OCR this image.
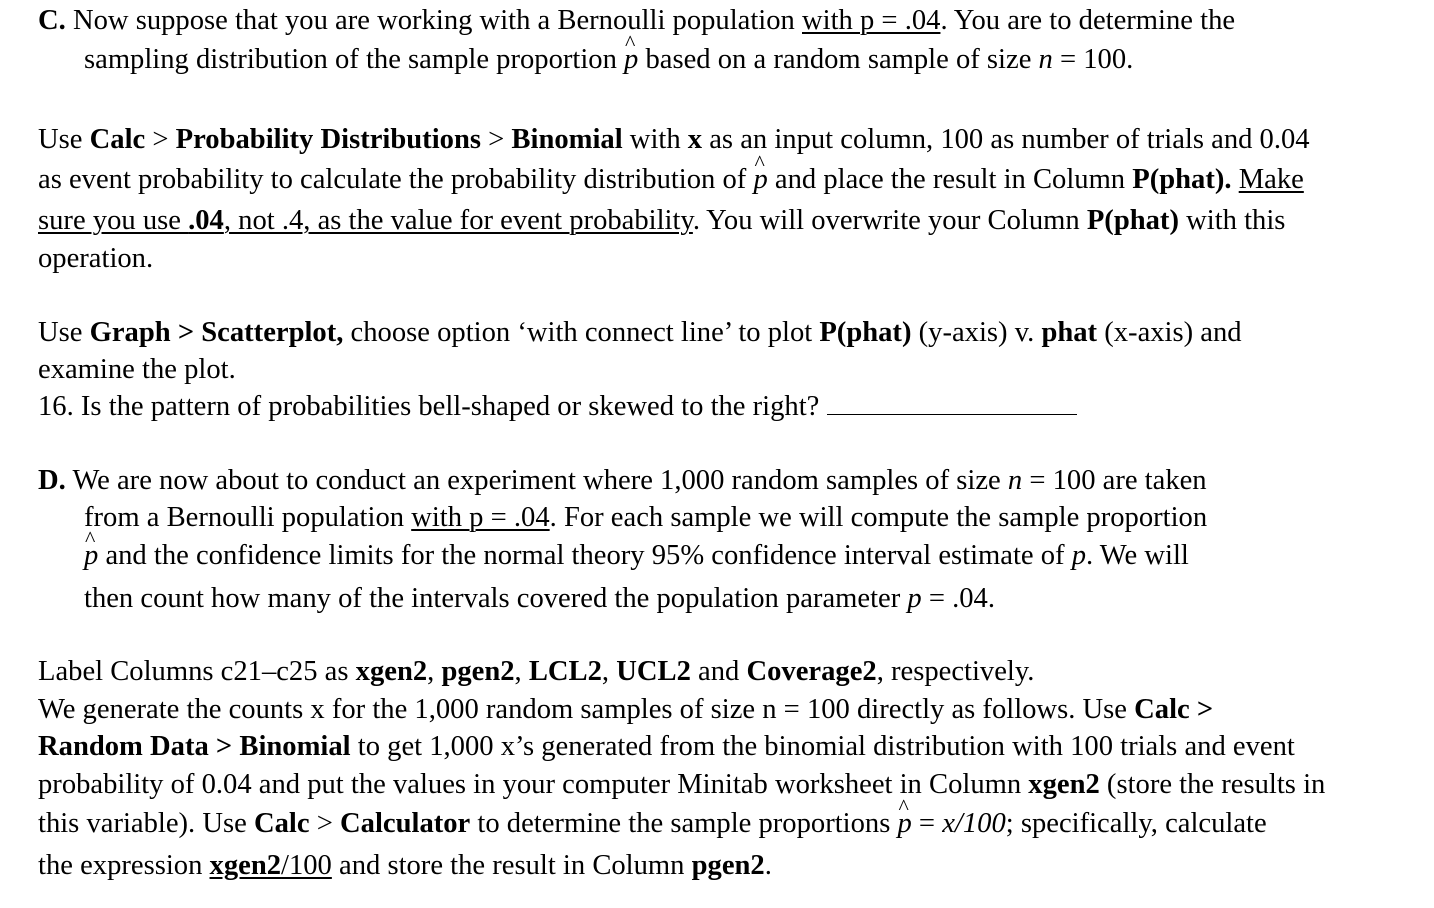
C. Now suppose that you are working with a Bernoulli population with p = .04. You are to determine the
sampling distribution of the sample proportion p ^ based on a random sample of size n = 100.
Use Calc > Probability Distributions > Binomial with x as an input column, 100 as number of trials and 0.04
as event probability to calculate the probability distribution of p ^ and place the result in Column P(phat). Make
sure you use .04, not .4, as the value for event probability. You will overwrite your Column P(phat) with this
operation.
Use Graph > Scatterplot, choose option ‘with connect line’ to plot P(phat) (y-axis) v. phat (x-axis) and
examine the plot.
16. Is the pattern of probabilities bell-shaped or skewed to the right?
D. We are now about to conduct an experiment where 1,000 random samples of size n = 100 are taken
from a Bernoulli population with p = .04. For each sample we will compute the sample proportion
p ^ and the confidence limits for the normal theory 95% confidence interval estimate of p. We will
then count how many of the intervals covered the population parameter p = .04.
Label Columns c21–c25 as xgen2, pgen2, LCL2, UCL2 and Coverage2, respectively.
We generate the counts x for the 1,000 random samples of size n = 100 directly as follows. Use Calc >
Random Data > Binomial to get 1,000 x’s generated from the binomial distribution with 100 trials and event
probability of 0.04 and put the values in your computer Minitab worksheet in Column xgen2 (store the results in
this variable). Use Calc > Calculator to determine the sample proportions p ^ = x/100; specifically, calculate
the expression xgen2/100 and store the result in Column pgen2.
